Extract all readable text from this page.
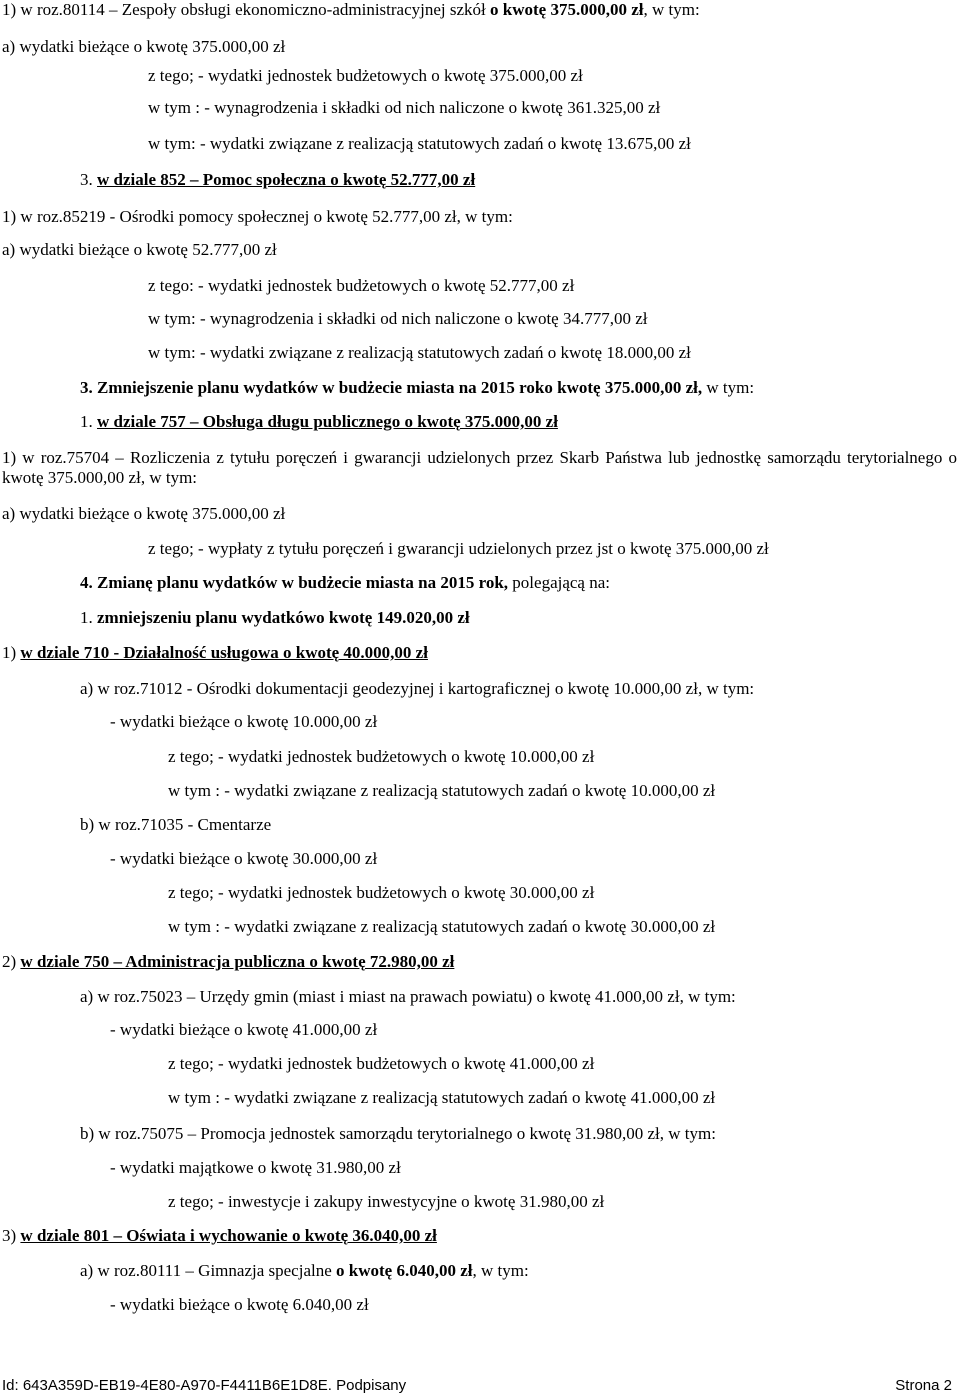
1) w roz.80114 – Zespoły obsługi ekonomiczno-administracyjnej szkół o kwotę 375.000,00 zł, w tym:
a) wydatki bieżące o kwotę 375.000,00 zł
z tego; - wydatki jednostek budżetowych o kwotę 375.000,00 zł
w tym : - wynagrodzenia i składki od nich naliczone o kwotę 361.325,00 zł
w tym: - wydatki związane z realizacją statutowych zadań o kwotę 13.675,00 zł
3. w dziale 852 – Pomoc społeczna o kwotę 52.777,00 zł
1) w roz.85219 - Ośrodki pomocy społecznej o kwotę 52.777,00 zł, w tym:
a) wydatki bieżące o kwotę 52.777,00 zł
z tego: - wydatki jednostek budżetowych o kwotę 52.777,00 zł
w tym: - wynagrodzenia i składki od nich naliczone o kwotę 34.777,00 zł
w tym: - wydatki związane z realizacją statutowych zadań o kwotę 18.000,00 zł
3. Zmniejszenie planu wydatków w budżecie miasta na 2015 roko kwotę 375.000,00 zł, w tym:
1. w dziale 757 – Obsługa długu publicznego o kwotę 375.000,00 zł
1) w roz.75704 – Rozliczenia z tytułu poręczeń i gwarancji udzielonych przez Skarb Państwa lub jednostkę samorządu terytorialnego o kwotę 375.000,00 zł, w tym:
a) wydatki bieżące o kwotę 375.000,00 zł
z tego; - wypłaty z tytułu poręczeń i gwarancji udzielonych przez jst o kwotę 375.000,00 zł
4. Zmianę planu wydatków w budżecie miasta na 2015 rok, polegającą na:
1. zmniejszeniu planu wydatkówo kwotę 149.020,00 zł
1) w dziale 710 - Działalność usługowa o kwotę 40.000,00 zł
a) w roz.71012 - Ośrodki dokumentacji geodezyjnej i kartograficznej o kwotę 10.000,00 zł, w tym:
- wydatki bieżące o kwotę 10.000,00 zł
z tego; - wydatki jednostek budżetowych o kwotę 10.000,00 zł
w tym : - wydatki związane z realizacją statutowych zadań o kwotę 10.000,00 zł
b) w roz.71035 - Cmentarze
- wydatki bieżące o kwotę 30.000,00 zł
z tego; - wydatki jednostek budżetowych o kwotę 30.000,00 zł
w tym : - wydatki związane z realizacją statutowych zadań o kwotę 30.000,00 zł
2) w dziale 750 – Administracja publiczna o kwotę 72.980,00 zł
a) w roz.75023 – Urzędy gmin (miast i miast na prawach powiatu) o kwotę 41.000,00 zł, w tym:
- wydatki bieżące o kwotę 41.000,00 zł
z tego; - wydatki jednostek budżetowych o kwotę 41.000,00 zł
w tym : - wydatki związane z realizacją statutowych zadań o kwotę 41.000,00 zł
b) w roz.75075 – Promocja jednostek samorządu terytorialnego o kwotę 31.980,00 zł, w tym:
- wydatki majątkowe o kwotę 31.980,00 zł
z tego; - inwestycje i zakupy inwestycyjne o kwotę 31.980,00 zł
3) w dziale 801 – Oświata i wychowanie o kwotę 36.040,00 zł
a) w roz.80111 – Gimnazja specjalne o kwotę 6.040,00 zł, w tym:
- wydatki bieżące o kwotę 6.040,00 zł
Id: 643A359D-EB19-4E80-A970-F4411B6E1D8E. Podpisany	Strona 2
